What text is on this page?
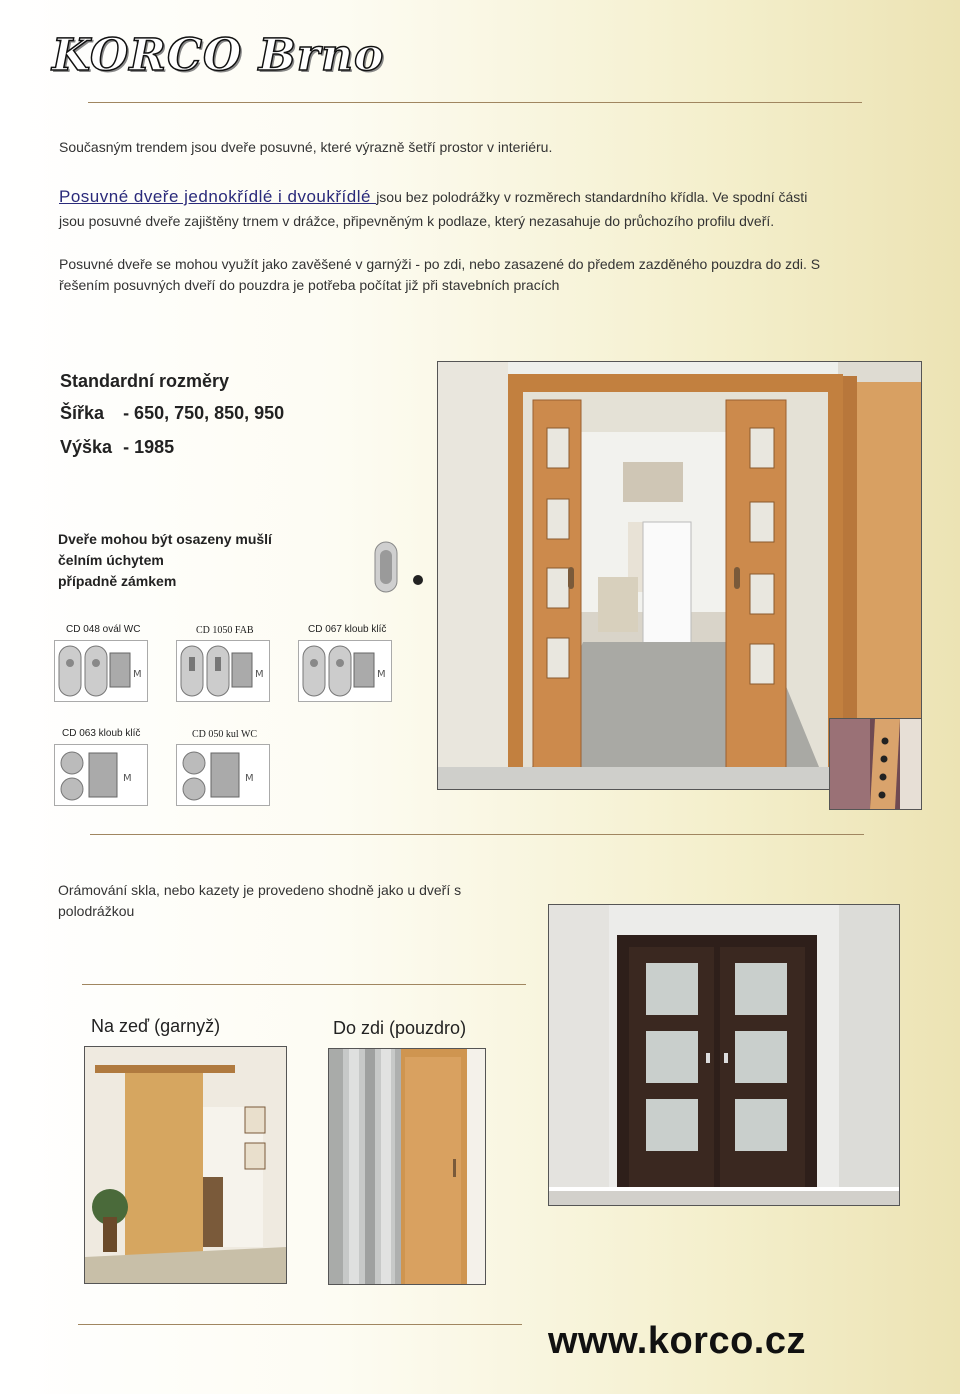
KORCO Brno
Současným trendem jsou dveře posuvné, které výrazně šetří prostor v interiéru.
Posuvné dveře jednokřídlé i dvoukřídlé jsou bez polodrážky v rozměrech standardního křídla. Ve spodní části
jsou posuvné dveře zajištěny trnem v drážce, připevněným k podlaze, který nezasahuje do průchozího profilu dveří.
Posuvné dveře se mohou využít jako zavěšené v garnýži - po zdi, nebo zasazené do předem zazděného pouzdra do zdi. S
řešením posuvných dveří do pouzdra je potřeba počítat již při stavebních pracích
Standardní rozměry
Šířka - 650, 750, 850, 950
Výška - 1985
Dveře mohou být osazeny mušlí
čelním úchytem
případně zámkem
CD 048 ovál WC	CD 1050 FAB	CD 067 kloub klíč
M	M	M
CD 063 kloub klíč	CD 050 kul WC
M	M
Orámování skla, nebo kazety je provedeno shodně jako u dveří s
polodrážkou
Na zeď (garnyž)	Do zdi (pouzdro)
www.korco.cz
